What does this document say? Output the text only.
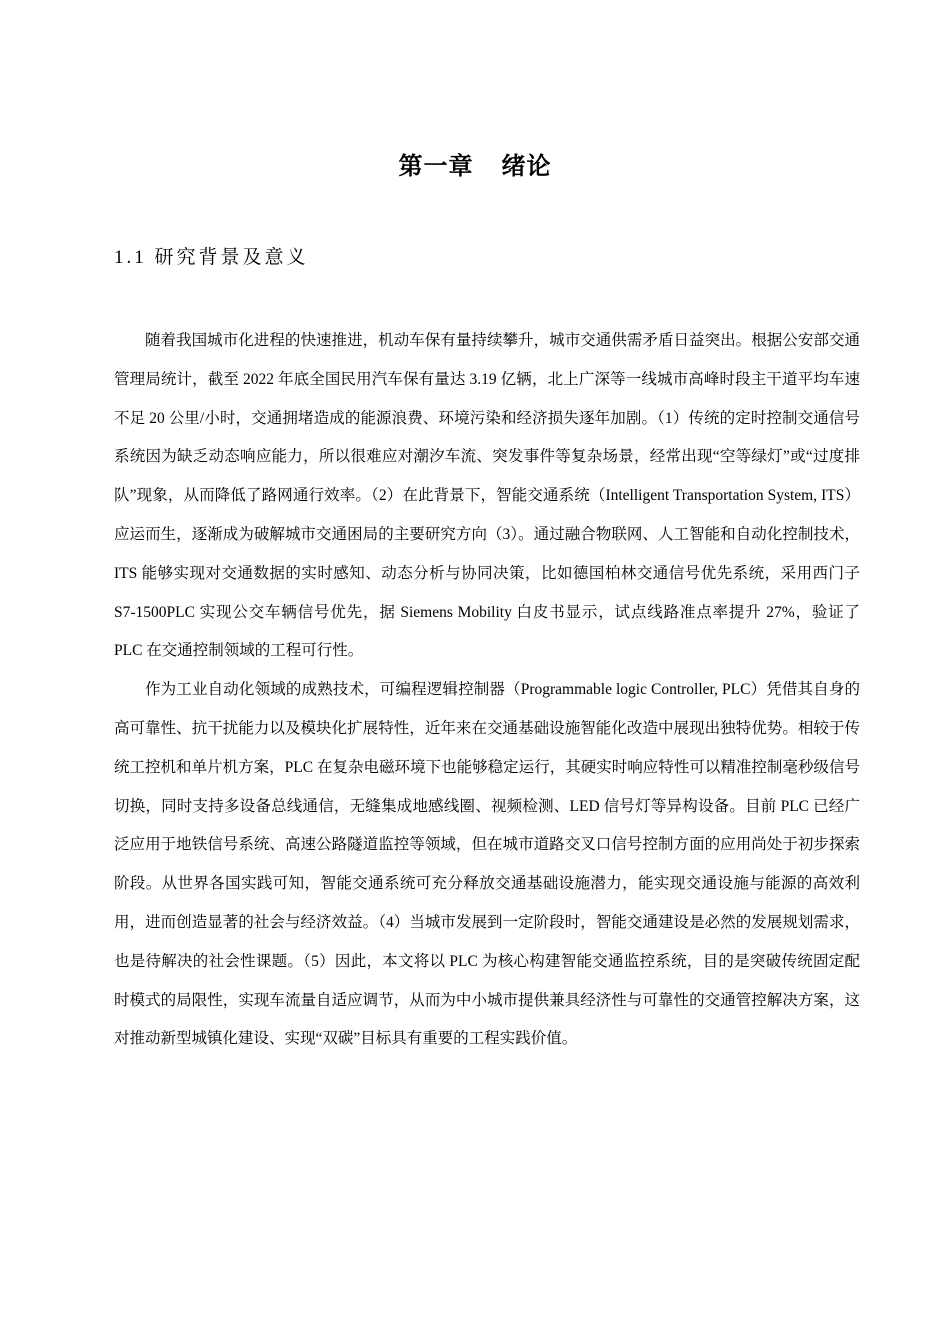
第一章 绪论
1.1 研究背景及意义

随着我国城市化进程的快速推进，机动车保有量持续攀升，城市交通供需矛盾日益突出。根据公安部交通管理局统计，截至 2022 年底全国民用汽车保有量达 3.19 亿辆，北上广深等一线城市高峰时段主干道平均车速不足 20 公里/小时，交通拥堵造成的能源浪费、环境污染和经济损失逐年加剧。（1）传统的定时控制交通信号系统因为缺乏动态响应能力，所以很难应对潮汐车流、突发事件等复杂场景，经常出现“空等绿灯”或“过度排队”现象，从而降低了路网通行效率。（2）在此背景下，智能交通系统（Intelligent Transportation System, ITS）应运而生，逐渐成为破解城市交通困局的主要研究方向（3）。通过融合物联网、人工智能和自动化控制技术，ITS 能够实现对交通数据的实时感知、动态分析与协同决策，比如德国柏林交通信号优先系统，采用西门子 S7-1500PLC 实现公交车辆信号优先，据 Siemens Mobility 白皮书显示，试点线路准点率提升 27%，验证了 PLC 在交通控制领域的工程可行性。

作为工业自动化领域的成熟技术，可编程逻辑控制器（Programmable logic Controller, PLC）凭借其自身的高可靠性、抗干扰能力以及模块化扩展特性，近年来在交通基础设施智能化改造中展现出独特优势。相较于传统工控机和单片机方案，PLC 在复杂电磁环境下也能够稳定运行，其硬实时响应特性可以精准控制毫秒级信号切换，同时支持多设备总线通信，无缝集成地感线圈、视频检测、LED 信号灯等异构设备。目前 PLC 已经广泛应用于地铁信号系统、高速公路隧道监控等领域，但在城市道路交叉口信号控制方面的应用尚处于初步探索阶段。从世界各国实践可知，智能交通系统可充分释放交通基础设施潜力，能实现交通设施与能源的高效利用，进而创造显著的社会与经济效益。（4）当城市发展到一定阶段时，智能交通建设是必然的发展规划需求，也是待解决的社会性课题。（5）因此，本文将以 PLC 为核心构建智能交通监控系统，目的是突破传统固定配时模式的局限性，实现车流量自适应调节，从而为中小城市提供兼具经济性与可靠性的交通管控解决方案，这对推动新型城镇化建设、实现“双碳”目标具有重要的工程实践价值。
